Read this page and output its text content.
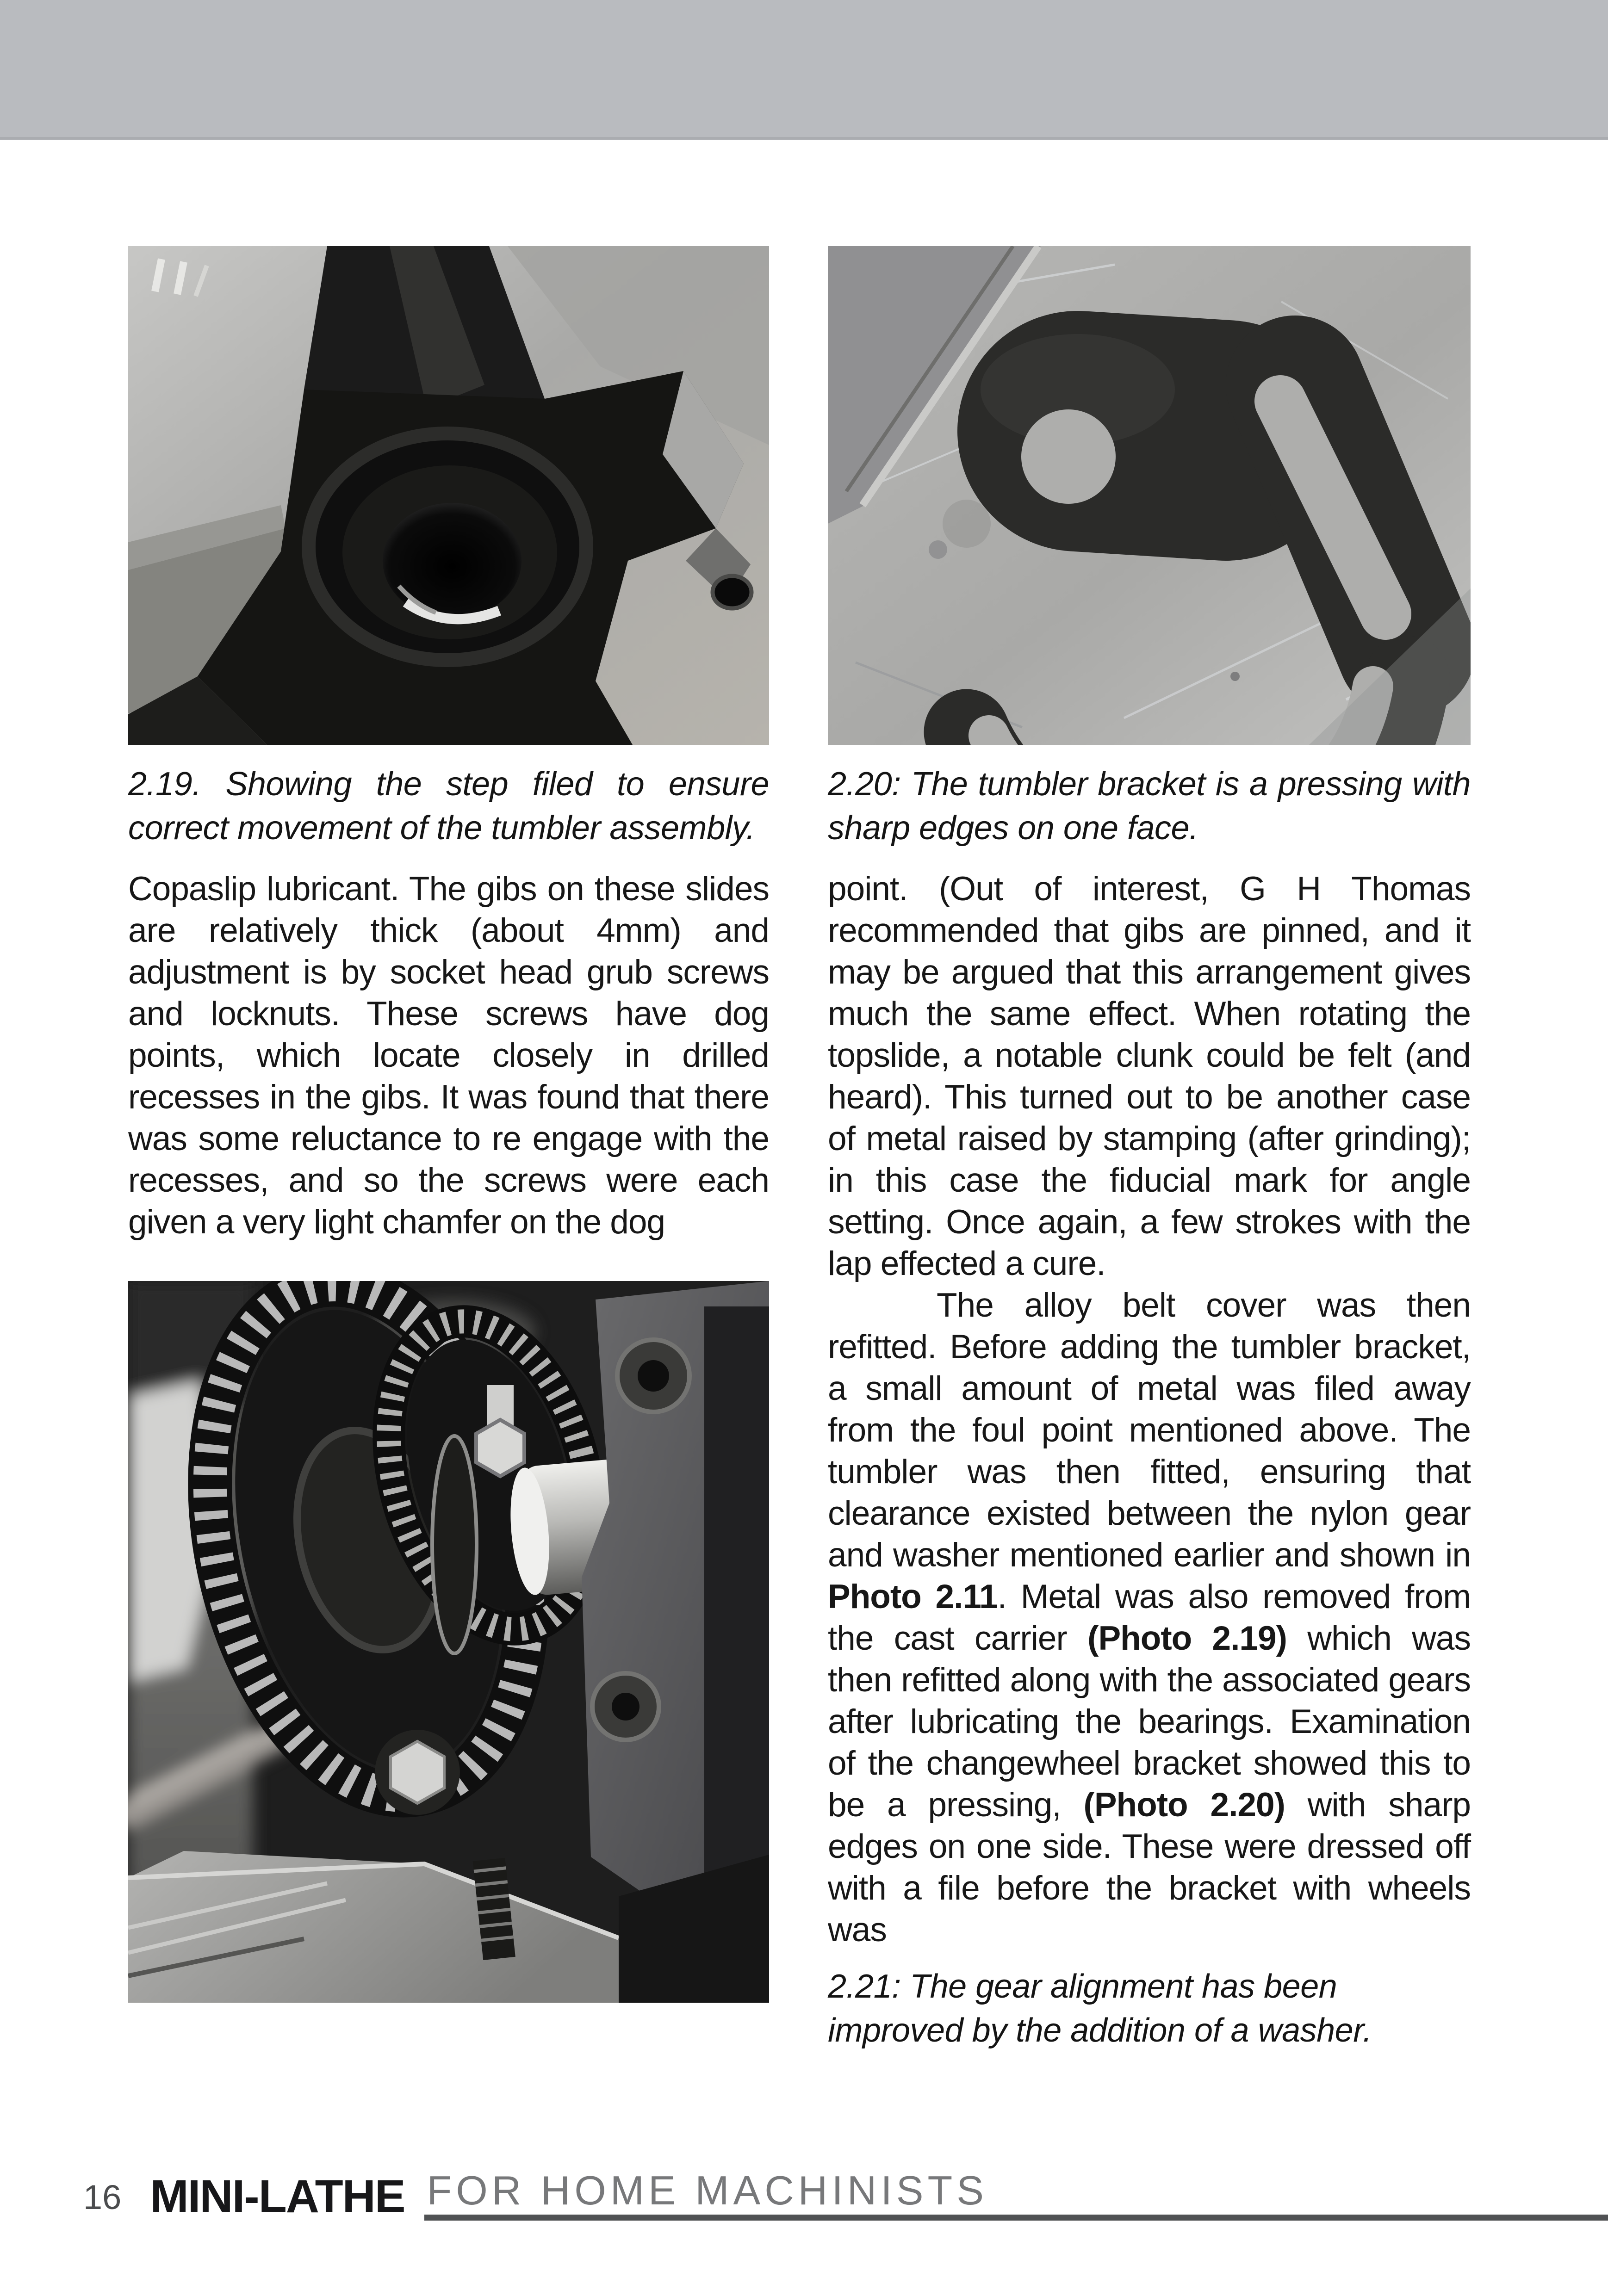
2.19. Showing the step filed to ensure correct movement of the tumbler assembly.

Copaslip lubricant. The gibs on these slides are relatively thick (about 4mm) and adjustment is by socket head grub screws and locknuts. These screws have dog points, which locate closely in drilled recesses in the gibs. It was found that there was some reluctance to re engage with the recesses, and so the screws were each given a very light chamfer on the dog

2.20: The tumbler bracket is a pressing with sharp edges on one face.

point. (Out of interest, G H Thomas recommended that gibs are pinned, and it may be argued that this arrangement gives much the same effect. When rotating the topslide, a notable clunk could be felt (and heard). This turned out to be another case of metal raised by stamping (after grinding); in this case the fiducial mark for angle setting. Once again, a few strokes with the lap effected a cure.

The alloy belt cover was then refitted. Before adding the tumbler bracket, a small amount of metal was filed away from the foul point mentioned above. The tumbler was then fitted, ensuring that clearance existed between the nylon gear and washer mentioned earlier and shown in Photo 2.11. Metal was also removed from the cast carrier (Photo 2.19) which was then refitted along with the associated gears after lubricating the bearings. Examination of the changewheel bracket showed this to be a pressing, (Photo 2.20) with sharp edges on one side. These were dressed off with a file before the bracket with wheels was

2.21: The gear alignment has been improved by the addition of a washer.
16 MINI-LATHE FOR HOME MACHINISTS
